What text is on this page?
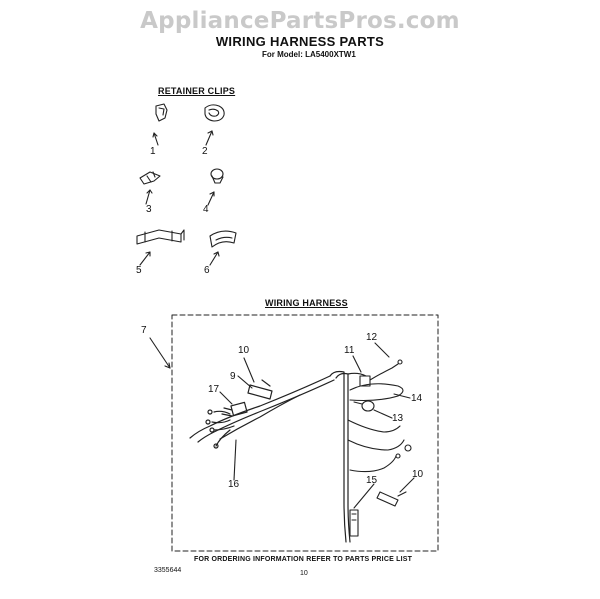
AppliancePartsPros.com
WIRING HARNESS PARTS
For Model: LA5400XTW1
RETAINER CLIPS
WIRING HARNESS
1	2
3	4
5	6
7
10
9
17
11
12
14
13
16	15
10
FOR ORDERING INFORMATION REFER TO PARTS PRICE LIST
3355644	10
